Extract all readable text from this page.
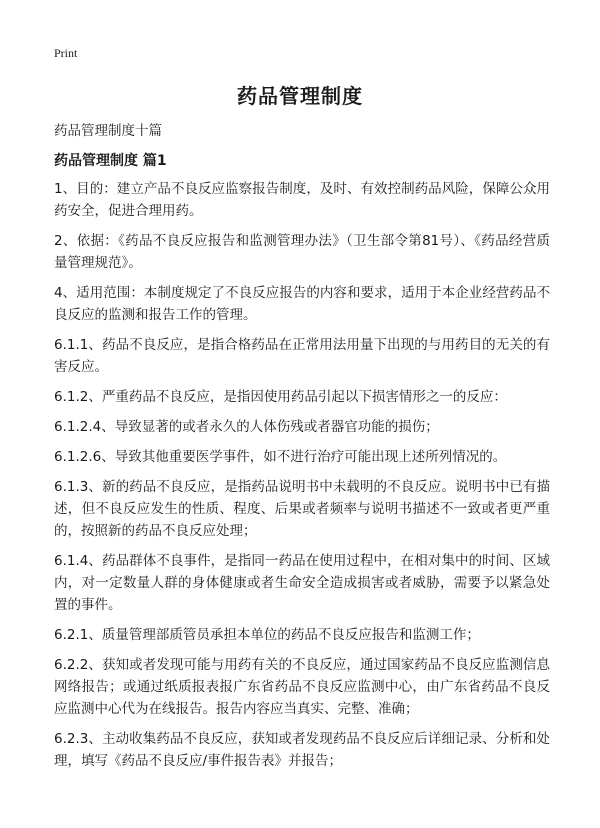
Print
药品管理制度

药品管理制度十篇

药品管理制度 篇1

1、目的：建立产品不良反应监察报告制度，及时、有效控制药品风险，保障公众用药安全，促进合理用药。

2、依据：《药品不良反应报告和监测管理办法》（卫生部令第81号）、《药品经营质量管理规范》。

4、适用范围：本制度规定了不良反应报告的内容和要求，适用于本企业经营药品不良反应的监测和报告工作的管理。

6.1.1、药品不良反应，是指合格药品在正常用法用量下出现的与用药目的无关的有害反应。

6.1.2、严重药品不良反应，是指因使用药品引起以下损害情形之一的反应：

6.1.2.4、导致显著的或者永久的人体伤残或者器官功能的损伤；

6.1.2.6、导致其他重要医学事件，如不进行治疗可能出现上述所列情况的。

6.1.3、新的药品不良反应，是指药品说明书中未载明的不良反应。说明书中已有描述，但不良反应发生的性质、程度、后果或者频率与说明书描述不一致或者更严重的，按照新的药品不良反应处理；

6.1.4、药品群体不良事件，是指同一药品在使用过程中，在相对集中的时间、区域内，对一定数量人群的身体健康或者生命安全造成损害或者威胁，需要予以紧急处置的事件。

6.2.1、质量管理部质管员承担本单位的药品不良反应报告和监测工作；

6.2.2、获知或者发现可能与用药有关的不良反应，通过国家药品不良反应监测信息网络报告；或通过纸质报表报广东省药品不良反应监测中心，由广东省药品不良反应监测中心代为在线报告。报告内容应当真实、完整、准确；

6.2.3、主动收集药品不良反应，获知或者发现药品不良反应后详细记录、分析和处理，填写《药品不良反应/事件报告表》并报告；
